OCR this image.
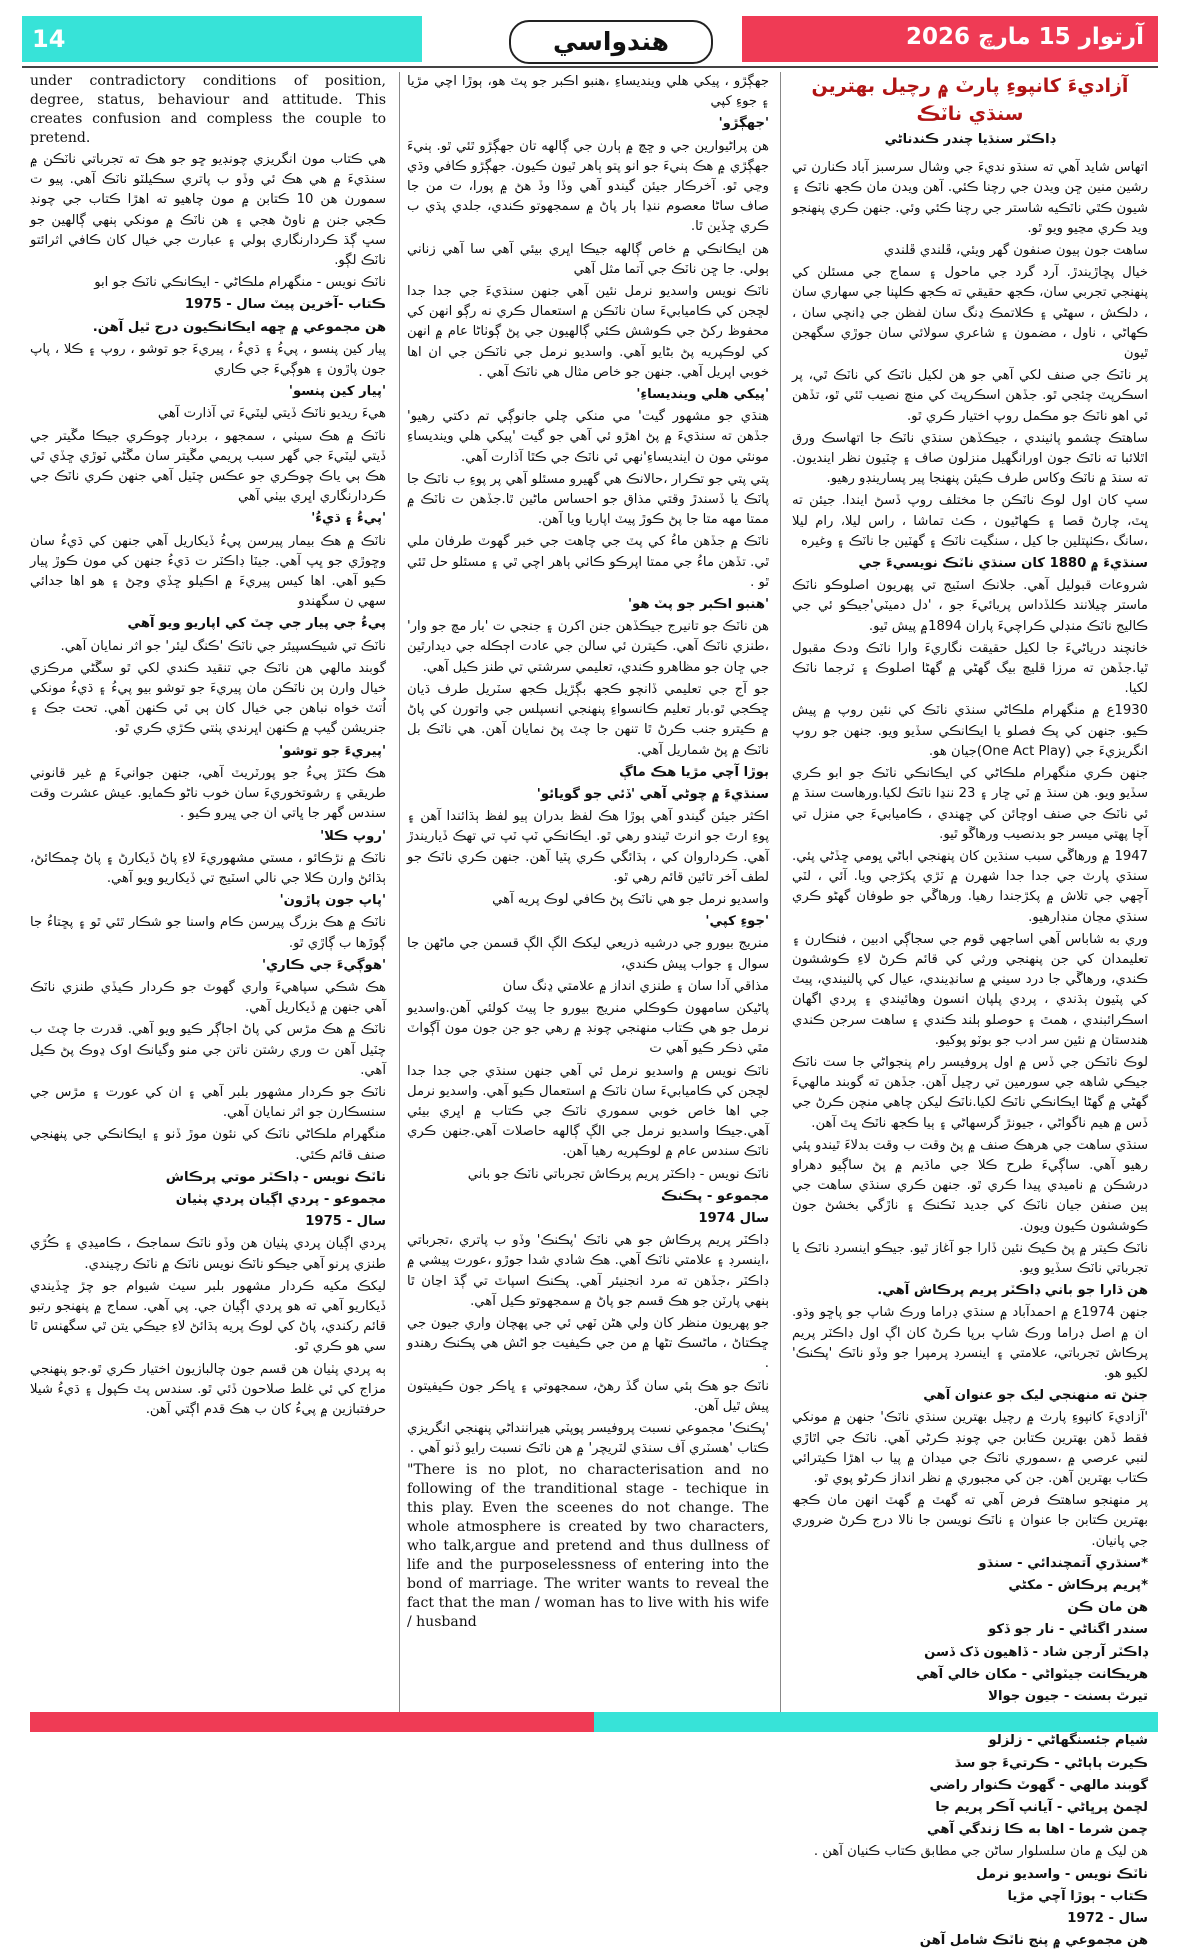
14	آرتوار 15 مارچ 2026
هندواسي
آزاديءَ کانپوءِ پارٽ ۾ رچيل بهترين سنڌي ناٽڪ
ڊاڪٽر سنڌيا چندر ڪندناڻي

اتهاس شايد آهي ته سنڌو نديءَ جي وشال سرسبز آباد ڪنارن تي رشين منين ڇن ويدن جي رچنا ڪئي. آهن ويدن مان ڪجھ ناٽڪ ۽ شيون ڪٿي ناٽڪيه شاستر جي رچنا ڪئي وئي. جنهن ڪري پنهنجو ويد ڪري مڃيو ويو ٿو.

ساهت جون ٻيون صنفون گهر ويئي، ڦلندي ڦلندي

خيال پڇاڙيندڙ. آرد گرد جي ماحول ۽ سماج جي مسئلن کي پنهنجي تجربي سان، ڪجھ حقيقي ته ڪجھ ڪلپنا جي سهاري سان ، دلڪش ، سهڻي ۽ ڪلاتمڪ ڍنگ سان لفظن جي ڍانچي سان ، ڪهاڻي ، ناول ، مضمون ۽ شاعري سولائي سان جوڙي سگهجن ٿيون

پر ناٽڪ جي صنف لکي آهي جو هن لکيل ناٽڪ کي ناٽڪ ٿي، پر اسڪرپٽ چئجي ٿو. جڏهن اسڪرپٽ کي منچ نصيب ٿئي ٿو، تڏهن ئي اهو ناٽڪ جو مڪمل روپ اختيار ڪري ٿو.

ساهتڪ چشمو پاٺيندي ، جيڪڏهن سنڌي ناٽڪ جا اتهاسڪ ورق اٿلائبا ته ناٽڪ جون اورانگهيل منزلون صاف ۽ چٽيون نظر اينديون. ته سنڌ ۾ ناٽڪ وکاس طرف ڪيئن پنهنجا پير پسارينڊو رهيو.

سڀ کان اول لوڪ ناٽڪن جا مختلف روپ ڏسڻ ايندا. جيئن ته ڀٽ، چارڻ قصا ۽ ڪهاڻيون ، ڪٺ تماشا ، راس ليلا، رام ليلا ،سانگ ،ڪٺپتلين جا کيل ، سنگيت ناٽڪ ۽ گهٽين جا ناٽڪ ۽ وغيره

سنڌيءَ ۾ 1880 کان سنڌي ناٽڪ نويسيءَ جي

شروعات قبوليل آهي. جلانڪ اسٽيج تي پهريون اصلوڪو ناٽڪ ماستر چيلانند ڪلڏداس پريائيءَ جو ، 'دل دميٽي'جيڪو ئي جي ڪاليج ناٽڪ منڊلي ڪراچيءَ پاران 1894۾ پيش ٿيو.

خانچند درياڻيءَ جا لکيل حقيقت نگاريءَ وارا ناٽڪ ودڪ مقبول ٿيا.جڏهن ته مرزا قليچ بيگ گهڻي ۾ گهڻا اصلوڪ ۽ ٽرجما ناٽڪ لکيا.

1930ع ۾ منگهرام ملڪاڻي سنڌي ناٽڪ کي نئين روپ ۾ پيش ڪيو. جنهن کي پڪ فصلو يا ايڪانڪي سڏيو ويو. جنهن جو روپ انگريزيءَ جي (One Act Play)جيان هو.

جنهن ڪري منگهرام ملڪاڻي کي ايڪانڪي ناٽڪ جو ابو ڪري سڏيو ويو. هن سنڌ ۾ ٽي ڇار ۽ 23 ننڍا ناٽڪ لکيا.ورهاست سنڌ ۾ ئي ناٽڪ جي صنف اوچائن کي ڇهندي ، ڪاميابيءَ جي منزل تي آچا پهتي ميسر جو بدنصيب ورهاڱو ٿيو.

1947 ۾ ورهاڱي سبب سنڌين کان پنهنجي اباڻي ڀومي ڇڏڻي پئي. سنڌي پارٽ جي جدا جدا شهرن ۾ ٽڙي پکڙجي ويا. آئي ، لٽي آچهي جي تلاش ۾ پکڙجندا رهيا. ورهاڱي جو طوفان گهڻو ڪري سنڌي مڃان منڊارهيو.

وري به شاباس آهي اساجهي قوم جي سجاڳي ادبين ، فنڪارن ۽ تعليمدان کي جن پنهنجي ورثي کي قائم ڪرڻ لاءِ ڪوششون ڪندي، ورهاڱي جا درد سيني ۾ سانڍيندي، عيال کي پالنيندي، پيٽ کي پٽيون ٻڌندي ، پردي پلپان انسون وهائيندي ۽ پردي اگهان اسڪرائبندي ، همٿ ۽ حوصلو ٻلند ڪندي ۽ ساهت سرجن ڪندي هندستان ۾ نئين سر ادب جو بوٽو پوکيو.

لوڪ ناٽڪن جي ڏس ۾ اول پروفيسر رام پنجواڻي جا ست ناٽڪ جيڪي شاهه جي سورمين تي رچيل آهن. جڏهن ته گوبند مالهيءَ گهڻي ۾ گهڻا ايڪانڪي ناٽڪ لکيا.ناٽڪ ليکن چاهي منچن ڪرڻ جي ڏس ۾ هيم ناگواڻي ، جيونڙ گرسهاڻي ۽ ٻيا ڪجھ ناٽڪ ڀٽ آهن.

سنڌي ساهت جي هرهڪ صنف ۾ پڻ وقت ب وقت بدلاءَ ٿيندو پئي رهيو آهي. ساڳيءَ طرح ڪلا جي ماڌيم ۾ پڻ ساڳيو دهراو درشڪن ۾ ناميدي پيدا ڪري ٿو. جنهن ڪري سنڌي ساهت جي ٻين صنفن جيان ناٽڪ کي جديد ٽڪنڪ ۽ ناڙگي بخشڻ جون ڪوششون ڪيون ويون.

ناٽڪ ڪيتر ۾ پڻ ڪيڪ نئين ڏارا جو آغاز ٿيو. جيڪو اينسرڊ ناٽڪ يا تجرباتي ناٽڪ سڏيو ويو.

هن ڌارا جو باني ڊاڪٽر پريم پرڪاش آهي.

جنهن 1974ع ۾ احمدآباد ۾ سنڌي ڊراما ورڪ شاپ جو پاڇو وڌو. ان ۾ اصل ڊراما ورڪ شاپ برپا ڪرڻ کان اڳ اول ڊاڪٽر پريم پرڪاش تجرباتي، علامتي ۽ اينسرڊ پرمپرا جو وڏو ناٽڪ 'پڪنڪ' لکيو هو.

جنڻ ته منهنجي ليک جو عنوان آهي

'آزاديءَ کانپوءِ پارٽ ۾ رچيل بهترين سنڌي ناٽڪ' جنهن ۾ مونکي فقط ڏهن بهترين ڪتابن جي چونڊ ڪرڻي آهي. ناٽڪ جي اٿاڙي لنبي عرصي ۾ ،سموري ناٽڪ جي ميدان ۾ پيا ب اهڙا ڪيترائي ڪتاب بهترين آهن. جن کي مجبوري ۾ نظر انداز ڪرڻو پوي ٿو.

پر منهنجو ساهتڪ فرض آهي ته گهٽ ۾ گهٽ انهن مان ڪجھ بهترين ڪتابن جا عنوان ۽ ناٽڪ نويسن جا نالا درج ڪرڻ ضروري جي پانيان.

*سنڌري آتمچندائي - سنڌو

*پريم پرڪاش - مکڻي

هن مان ڪن

سندر اگناڻي - نار جو ڏکو

ڊاڪٽر آرجن شاد - ڏاهيون ڏک ڏسن

هريڪانت جيٽواڻي - مکان خالي آهي

تيرٿ بسنت - جيون جوالا

شيام جئسنگهاڻي - زلزلو

ڪيرت ٻاٻاڻي - ڪرتيءَ جو سڌ

گوبند مالهي - گهوٽ ڪنوار راضي

لچمڻ پرڀاڻي - آيانپ آڪر پريم جا

چمن شرما - اها به ڪا زندگي آهي

هن ليک ۾ مان سلسلوار ساڻن جي مطابق ڪتاب ڪنيان آهن .

ناٽڪ نويس - واسديو نرمل

ڪتاب - ٻوڙا آچي مڙيا

سال - 1972

هن مجموعي ۾ پنج ناٽڪ شامل آهن

جهڳڙو ، پيکي هلي وينديساءِ ،هنبو اڪبر جو پٽ هو، ٻوڙا اچي مڙيا ۽ جوءِ کپي

'جهڳڙو'

هن پراڻيوارين جي و ڇچ ۾ ٻارن جي ڳالهه تان جهڳڙو ٿئي ٿو. ٻنيءَ جهڳڙي ۾ هڪ ٻنيءَ جو انو پتو ٻاهر ٿيون ڪيون. جهڳڙو ڪافي وڌي وڃي ٿو. آخرڪار جيئن گيندو آهي وڏا وڏ هڻ ۾ پورا، ت من جا صاف ساڻا معصوم ننڍا ٻار پاڻ ۾ سمجهوتو ڪندي، جلدي پڌي ب ڪري ڇڏين ٿا.

هن ايڪانڪي ۾ خاص ڳالهه جيڪا اڀري بيئي آهي سا آهي زناني ٻولي. جا ڇن ناٽڪ جي آتما مثل آهي

ناٽڪ نويس واسديو نرمل نئين آهي جنهن سنڌيءَ جي جدا جدا لڇجن کي ڪاميابيءَ سان ناٽڪن ۾ استعمال ڪري نه رڳو انهن کي محفوظ رکڻ جي ڪوشش ڪئي ڳالهيون جي پڻ ڳوٺاڻا عام ۾ انهن کي لوڪپريه پڻ بڻايو آهي. واسديو نرمل جي ناٽڪن جي ان اها خوبي اپريل آهي. جنهن جو خاص مثال هي ناٽڪ آهي .

'پيکي هلي وينديساءِ'

هنڌي جو مشهور گيت' مي منکي چلي جانوڳي تم دکتي رهيو' جڏهن ته سنڌيءَ ۾ پڻ اهڙو ئي آهي جو گيت 'پيکي هلي وينديساءِ مونئي مون ن اينديساءِ'نهي ئي ناٽڪ جي ڪٿا آذارت آهي.

پتي پتي جو تڪرار ،حالانڪ هي گهيرو مسئلو آهي پر پوءِ ب ناٽڪ جا پاٽڪ يا ڏسندڙ وقتي مذاق جو احساس ماڻين ٿا.جڏهن ت ناٽڪ ۾ ممتا مهه متا جا پڻ ڪوڙ پيٽ اپاريا ويا آهن.

ناٽڪ ۾ جڏهن ماءُ کي پٽ جي چاهت جي خبر گهوٽ طرفان ملي ٿي. تڏهن ماءُ جي ممتا اپرڪو ڪاٺي ٻاهر اچي ٿي ۽ مسئلو حل ٿئي ٿو .

'هنبو اڪبر جو پٽ هو'

هن ناٽڪ جو تانيرج جيڪڏهن جنن اکرن ۽ جنجي ت 'بار مچ جو وار' ،طنزي ناٽڪ آهي. ڪيترن ئي سالن جي عادت اڄڪله جي ديدارٿين جي ڇان جو مظاهرو ڪندي، تعليمي سرشتي تي طنز ڪيل آهي.

جو آج جي تعليمي ڏانچو ڪجھ بڳڙيل ڪجھ سٽريل طرف ڌيان ڇڪجي ٿو.بار تعليم ڪانسواءِ پنهنجي انسپلس جي واتورن کي پاڻ ۾ ڪيترو جنب ڪرڻ ٿا تنهن جا چٽ پڻ نمايان آهن. هي ناٽڪ بل ناٽڪ ۾ پڻ شماريل آهي.

ٻوڙا آچي مڙيا هڪ ماڳ

سنڌيءَ ۾ چوڻي آهي 'ڏئي جو گويائو'

اڪثر جيئن گيندو آهي ٻوڙا هڪ لفظ بدران ٻيو لفظ ٻڌائندا آهن ۽ پوءِ ارٿ جو انرٿ ٿيندو رهي ٿو. ايڪانڪي ٽپ ٽپ تي تهڪ ڏياريندڙ آهي. ڪرداروان کي ، ٻڌائگي ڪري پٽيا آهن. جنهن ڪري ناٽڪ جو لطف آخر تائين قائم رهي ٿو.

واسديو نرمل جو هي ناٽڪ پڻ ڪافي لوڪ پريه آهي

'جوءِ کپي'

منريج بيورو جي درشيه ذريعي ليکڪ الڳ الڳ قسمن جي ماڻهن جا سوال ۽ جواب پيش ڪندي،

مذاقي آدا سان ۽ طنزي انداز ۾ علامتي ڍنگ سان

پاڻيکن سامهون ڪوڪلي منريج بيورو جا پيٽ کولئي آهن.واسديو نرمل جو هي ڪتاب منهنجي چونڊ ۾ رهي جو جن جون مون آڳواٽ مٿي ذڪر ڪيو آهي ت

ناٽڪ نويس ۾ واسديو نرمل ئي آهي جنهن سنڌي جي جدا جدا لڇجن کي ڪاميابيءَ سان ناٽڪ ۾ استعمال ڪيو آهي. واسديو نرمل جي اها خاص خوبي سموري ناٽڪ جي ڪتاب ۾ اڀري بيئي آهي.جيڪا واسديو نرمل جي الڳ ڳالهه حاصلات آهي.جنهن ڪري ناٽڪ سندس عام ۾ لوڪپريه رهيا آهن.

ناٽڪ نويس - ڊاڪٽر پريم پرڪاش تجرباتي ناٽڪ جو باني

مجموعو - پڪنڪ

سال 1974

ڊاڪٽر پريم پرڪاش جو هي ناٽڪ 'پڪنڪ' وڏو ب پاتري ،تجرباتي ،اينسرڊ ۽ علامتي ناٽڪ آهي. هڪ شادي شدا جوڙو ،عورت پيشي ۾ ڊاڪٽر ،جڏهن ته مرد انجنيئر آهي. پڪنڪ اسپاٽ تي ڳڌ اڃان ٿا ٻنهي پارٽن جو هڪ قسم جو پاڻ ۾ سمجهوتو ڪيل آهي.

جو پهريون منظر کان ولي هڻن ٽهي ئي جي پهچان واري جيون جي ڇڪتاڻ ، ماڻسڪ تڻها ۾ من جي ڪيفيت جو اڻش هي پڪنڪ رهندو .

ناٽڪ جو هڪ ٻئي سان گڏ رهڻ، سمجهوتي ۽ ڀاڪر جون ڪيفيتون پيش ٿيل آهن.

'پڪنڪ' مجموعي نسبت پروفيسر پوپٽي هيراننداڻي پنهنجي انگريزي ڪتاب 'هسٽري آف سنڌي لٽريچر' ۾ هن ناٽڪ نسبت رايو ڏنو آهي .

"There is no plot, no characterisation and no following of the tranditional stage - techique in this play. Even the sceenes do not change. The whole atmosphere is created by two characters, who talk,argue and pretend and thus dullness of life and the purposelessness of entering into the bond of marriage. The writer wants to reveal the fact that the man / woman has to live with his wife / husband

under contradictory conditions of position, degree, status, behaviour and attitude. This creates confusion and compless the couple to pretend.

هي ڪتاب مون انگريزي چونڊيو ڇو جو هڪ ته تجرباتي ناٽڪن ۾ سنڌيءَ ۾ هي هڪ ئي وڏو ب پاتري سڪيلٽو ناٽڪ آهي. پيو ت سمورن هن 10 ڪتابن ۾ مون چاهيو ته اهڙا ڪتاب جي چونڊ ڪجي جنن ۾ ناوڻ هجي ۽ هن ناٽڪ ۾ مونکي ٻنهي ڳالهين جو سڀ ڳڌ ڪردارنگاري ٻولي ۽ عبارت جي خيال کان ڪافي اثرائتو ناٽڪ لڳو.

ناٽڪ نويس - منگهرام ملڪاڻي - ايڪانڪي ناٽڪ جو ابو

ڪتاب -آخرين پيٽ سال - 1975

هن مجموعي ۾ ڇهه ايڪانڪيون درج ٿيل آهن.

پيار کين پنسو ، پيءُ ۽ ڌيءُ ، پيريءَ جو توشو ، روپ ۽ ڪلا ، پاپ جون پاڙون ۽ هوڳيءَ جي ڪاري

'پيار کين پنسو'

هيءَ ريديو ناٽڪ ڏيتي ليٽيءَ تي آذارت آهي

ناٽڪ ۾ هڪ سيٺي ، سمجهو ، بردبار چوڪري جيڪا مڱيتر جي ڏيتي ليٽيءَ جي گهر سبب پريمي مڱيتر سان مڱڻي ٽوڙي ڇڏي ٿي هڪ ٻي ياڪ چوڪري جو عڪس چٽيل آهي جنهن ڪري ناٽڪ جي ڪردارنگاري اڀري بيٺي آهي

'پيءُ ۽ ڌيءُ'

ناٽڪ ۾ هڪ بيمار پيرسن پيءُ ڏيکاريل آهي جنهن کي ڌيءُ سان وڇوڙي جو ڀپ آهي. جيٽا ڊاڪٽر ت ڌيءُ جنهن کي مون ڪوڙ پيار ڪيو آهي. اها کيس پيريءَ ۾ اڪيلو ڇڏي وڃڻ ۽ هو اها جدائي سهي ن سگهندو

پيءُ جي پيار جي چٽ کي اپاريو ويو آهي

ناٽڪ تي شيڪسپيئر جي ناٽڪ 'ڪنگ ليئر' جو اثر نمايان آهي.

گوبند مالهي هن ناٽڪ جي تنقيد ڪندي لکي ٿو سڱڻي مرڪزي خيال وارن ٻن ناٽڪن مان پيريءَ جو توشو بيو پيءُ ۽ ڌيءُ مونکي اُتٽ خواه نباهن جي خيال کان ٻي ئي ڪنهن آهي. تحت جڪ ۽ جنريشن گيپ ۾ ڪنهن اڀرندي پٺتي ڪڙي ڪري ٿو.

'پيريءَ جو توشو'

هڪ ڪٽڙ پيءُ جو پورٽريٽ آهي، جنهن جوانيءَ ۾ غير قانوني طريقي ۽ رشوتخوريءَ سان خوب ناڻو ڪمايو. عيش عشرت وقت سندس گهر جا ڀاتي ان جي ڀيرو ڪيو .

'روپ ڪلا'

ناٽڪ ۾ نڙڪائو ، مستي مشهوريءَ لاءِ پاڻ ڏيکارڻ ۽ پاڻ چمڪائڻ، ٻڌائڻ وارن ڪلا جي نالي اسٽيج تي ڏيکاريو ويو آهي.

'پاپ جون پاڙون'

ناٽڪ ۾ هڪ بزرگ پيرسن ڪام واسنا جو شڪار ٿئي ٿو ۽ پڇتاءُ جا ڳوڙها ب ڳاڙي ٿو.

'هوڳيءَ جي ڪاري'

هڪ شڪي سپاهيءَ واري گهوٽ جو ڪردار ڪيڏي طنزي ناٽڪ آهي جنهن ۾ ڏيکاريل آهي.

ناٽڪ ۾ هڪ مڙس کي پاڻ اجاڳر ڪيو ويو آهي. قدرت جا چٽ ب چٽيل آهن ت وري رشتن ناتن جي منو وگيانڪ اوک ڍوڪ پڻ ڪيل آهي.

ناٽڪ جو ڪردار مشهور بلبر آهي ۽ ان کي عورت ۽ مڙس جي سنسڪارن جو اثر نمايان آهي.

منگهرام ملڪاڻي ناٽڪ کي نئون موڙ ڏنو ۽ ايڪانڪي جي پنهنجي صنف قائم ڪئي.

ناٽڪ نويس - ڊاڪٽر موتي پرڪاش

مجموعو - پردي اڳيان پردي پٺيان

سال - 1975

پردي اڳيان پردي پٺيان هن وڏو ناٽڪ سماجڪ ، ڪاميڊي ۽ ڪُڙي طنزي پرنو آهي جيڪو ناٽڪ نويس ناٽڪ ۾ ناٽڪ رچيندي.

ليکڪ مکيه ڪردار مشهور بلبر سيٺ شيوام جو چڙ ڇڏيندي ڏيکاريو آهي ته هو پردي اڳيان جي. پي آهي. سماج ۾ پنهنجو رتبو قائم رکندي، پاڻ کي لوڪ پريه ٻڌائڻ لاءِ جيڪي يتن ٿي سگهنس ٿا سي هو ڪري ٿو.

ٻه پردي پٺيان هن قسم جون چالبازيون اختيار ڪري ٿو.جو پنهنجي مزاج کي ئي غلط صلاحون ڏئي ٿو. سندس پٽ ڪپول ۽ ڌيءُ شيلا حرفتبازين ۾ پيءُ کان ب هڪ قدم اڳتي آهن.
